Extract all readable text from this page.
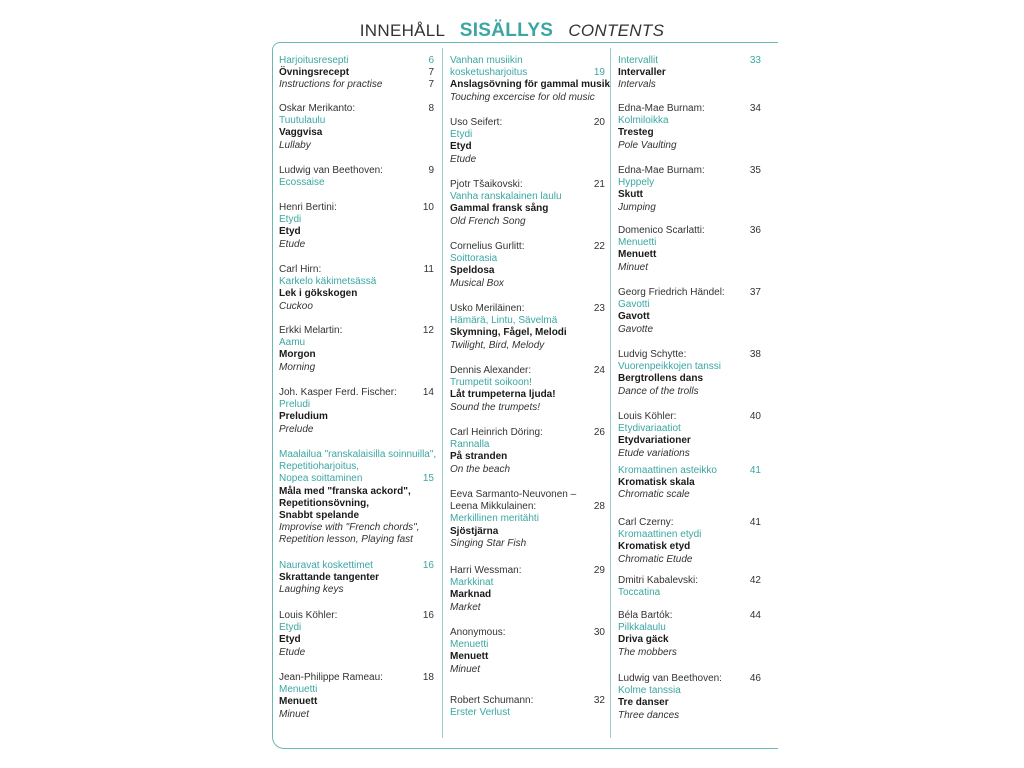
INNEHÅLL SISÄLLYS CONTENTS
Harjoitusresepti	6
Övningsrecept	7
Instructions for practise	7
Oskar Merikanto:	8
Tuutulaulu
Vaggvisa
Lullaby
Ludwig van Beethoven:	9
Ecossaise
Henri Bertini:	10
Etydi
Etyd
Etude
Carl Hirn:	11
Karkelo käkimetsässä
Lek i gökskogen
Cuckoo
Erkki Melartin:	12
Aamu
Morgon
Morning
Joh. Kasper Ferd. Fischer:	14
Preludi
Preludium
Prelude
Maalailua "ranskalaisilla soinnuilla",
Repetitioharjoitus,
Nopea soittaminen	15
Måla med "franska ackord",
Repetitionsövning,
Snabbt spelande
Improvise with "French chords",
Repetition lesson, Playing fast
Nauravat koskettimet	16
Skrattande tangenter
Laughing keys
Louis Köhler:	16
Etydi
Etyd
Etude
Jean-Philippe Rameau:	18
Menuetti
Menuett
Minuet
Vanhan musiikin
kosketusharjoitus	19
Anslagsövning för gammal musik
Touching excercise for old music
Uso Seifert:	20
Etydi
Etyd
Etude
Pjotr Tšaikovski:	21
Vanha ranskalainen laulu
Gammal fransk sång
Old French Song
Cornelius Gurlitt:	22
Soittorasia
Speldosa
Musical Box
Usko Meriläinen:	23
Hämärä, Lintu, Sävelmä
Skymning, Fågel, Melodi
Twilight, Bird, Melody
Dennis Alexander:	24
Trumpetit soikoon!
Låt trumpeterna ljuda!
Sound the trumpets!
Carl Heinrich Döring:	26
Rannalla
På stranden
On the beach
Eeva Sarmanto-Neuvonen –
Leena Mikkulainen:	28
Merkillinen meritähti
Sjöstjärna
Singing Star Fish
Harri Wessman:	29
Markkinat
Marknad
Market
Anonymous:	30
Menuetti
Menuett
Minuet
Robert Schumann:	32
Erster Verlust
Intervallit	33
Intervaller
Intervals
Edna-Mae Burnam:	34
Kolmiloikka
Tresteg
Pole Vaulting
Edna-Mae Burnam:	35
Hyppely
Skutt
Jumping
Domenico Scarlatti:	36
Menuetti
Menuett
Minuet
Georg Friedrich Händel:	37
Gavotti
Gavott
Gavotte
Ludvig Schytte:	38
Vuorenpeikkojen tanssi
Bergtrollens dans
Dance of the trolls
Louis Köhler:	40
Etydivariaatiot
Etydvariationer
Etude variations
Kromaattinen asteikko	41
Kromatisk skala
Chromatic scale
Carl Czerny:	41
Kromaattinen etydi
Kromatisk etyd
Chromatic Etude
Dmitri Kabalevski:	42
Toccatina
Béla Bartók:	44
Pilkkalaulu
Driva gäck
The mobbers
Ludwig van Beethoven:	46
Kolme tanssia
Tre danser
Three dances
